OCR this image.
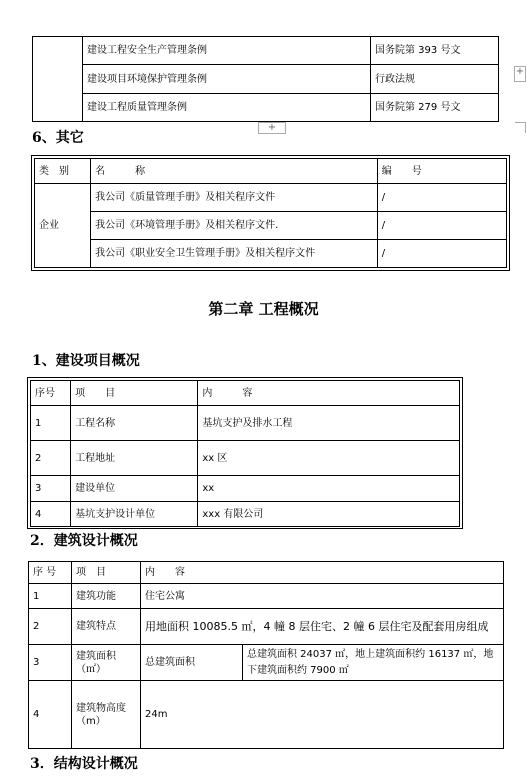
	建设工程安全生产管理条例	国务院第 393 号文
	建设项目环境保护管理条例	行政法规
	建设工程质量管理条例	国务院第 279 号文
+
+
6、其它
类　别	名　　　称	编　　号
企业	我公司《质量管理手册》及相关程序文件	/
	我公司《环境管理手册》及相关程序文件.	/
	我公司《职业安全卫生管理手册》及相关程序文件	/
第二章 工程概况
1、建设项目概况
序号	项　　目	内　　　容
1	工程名称	基坑支护及排水工程
2	工程地址	xx 区
3	建设单位	xx
4	基坑支护设计单位	xxx 有限公司
2．建筑设计概况
序 号	项　目	内　　容	
1	建筑功能	住宅公寓	
2	建筑特点	用地面积 10085.5 ㎡，4 幢 8 层住宅、2 幢 6 层住宅及配套用房组成	
3	建筑面积（㎡）	总建筑面积	总建筑面积 24037 ㎡，地上建筑面积约 16137 ㎡，地下建筑面积约 7900 ㎡
4	建筑物高度（m）	24m	
3．结构设计概况
